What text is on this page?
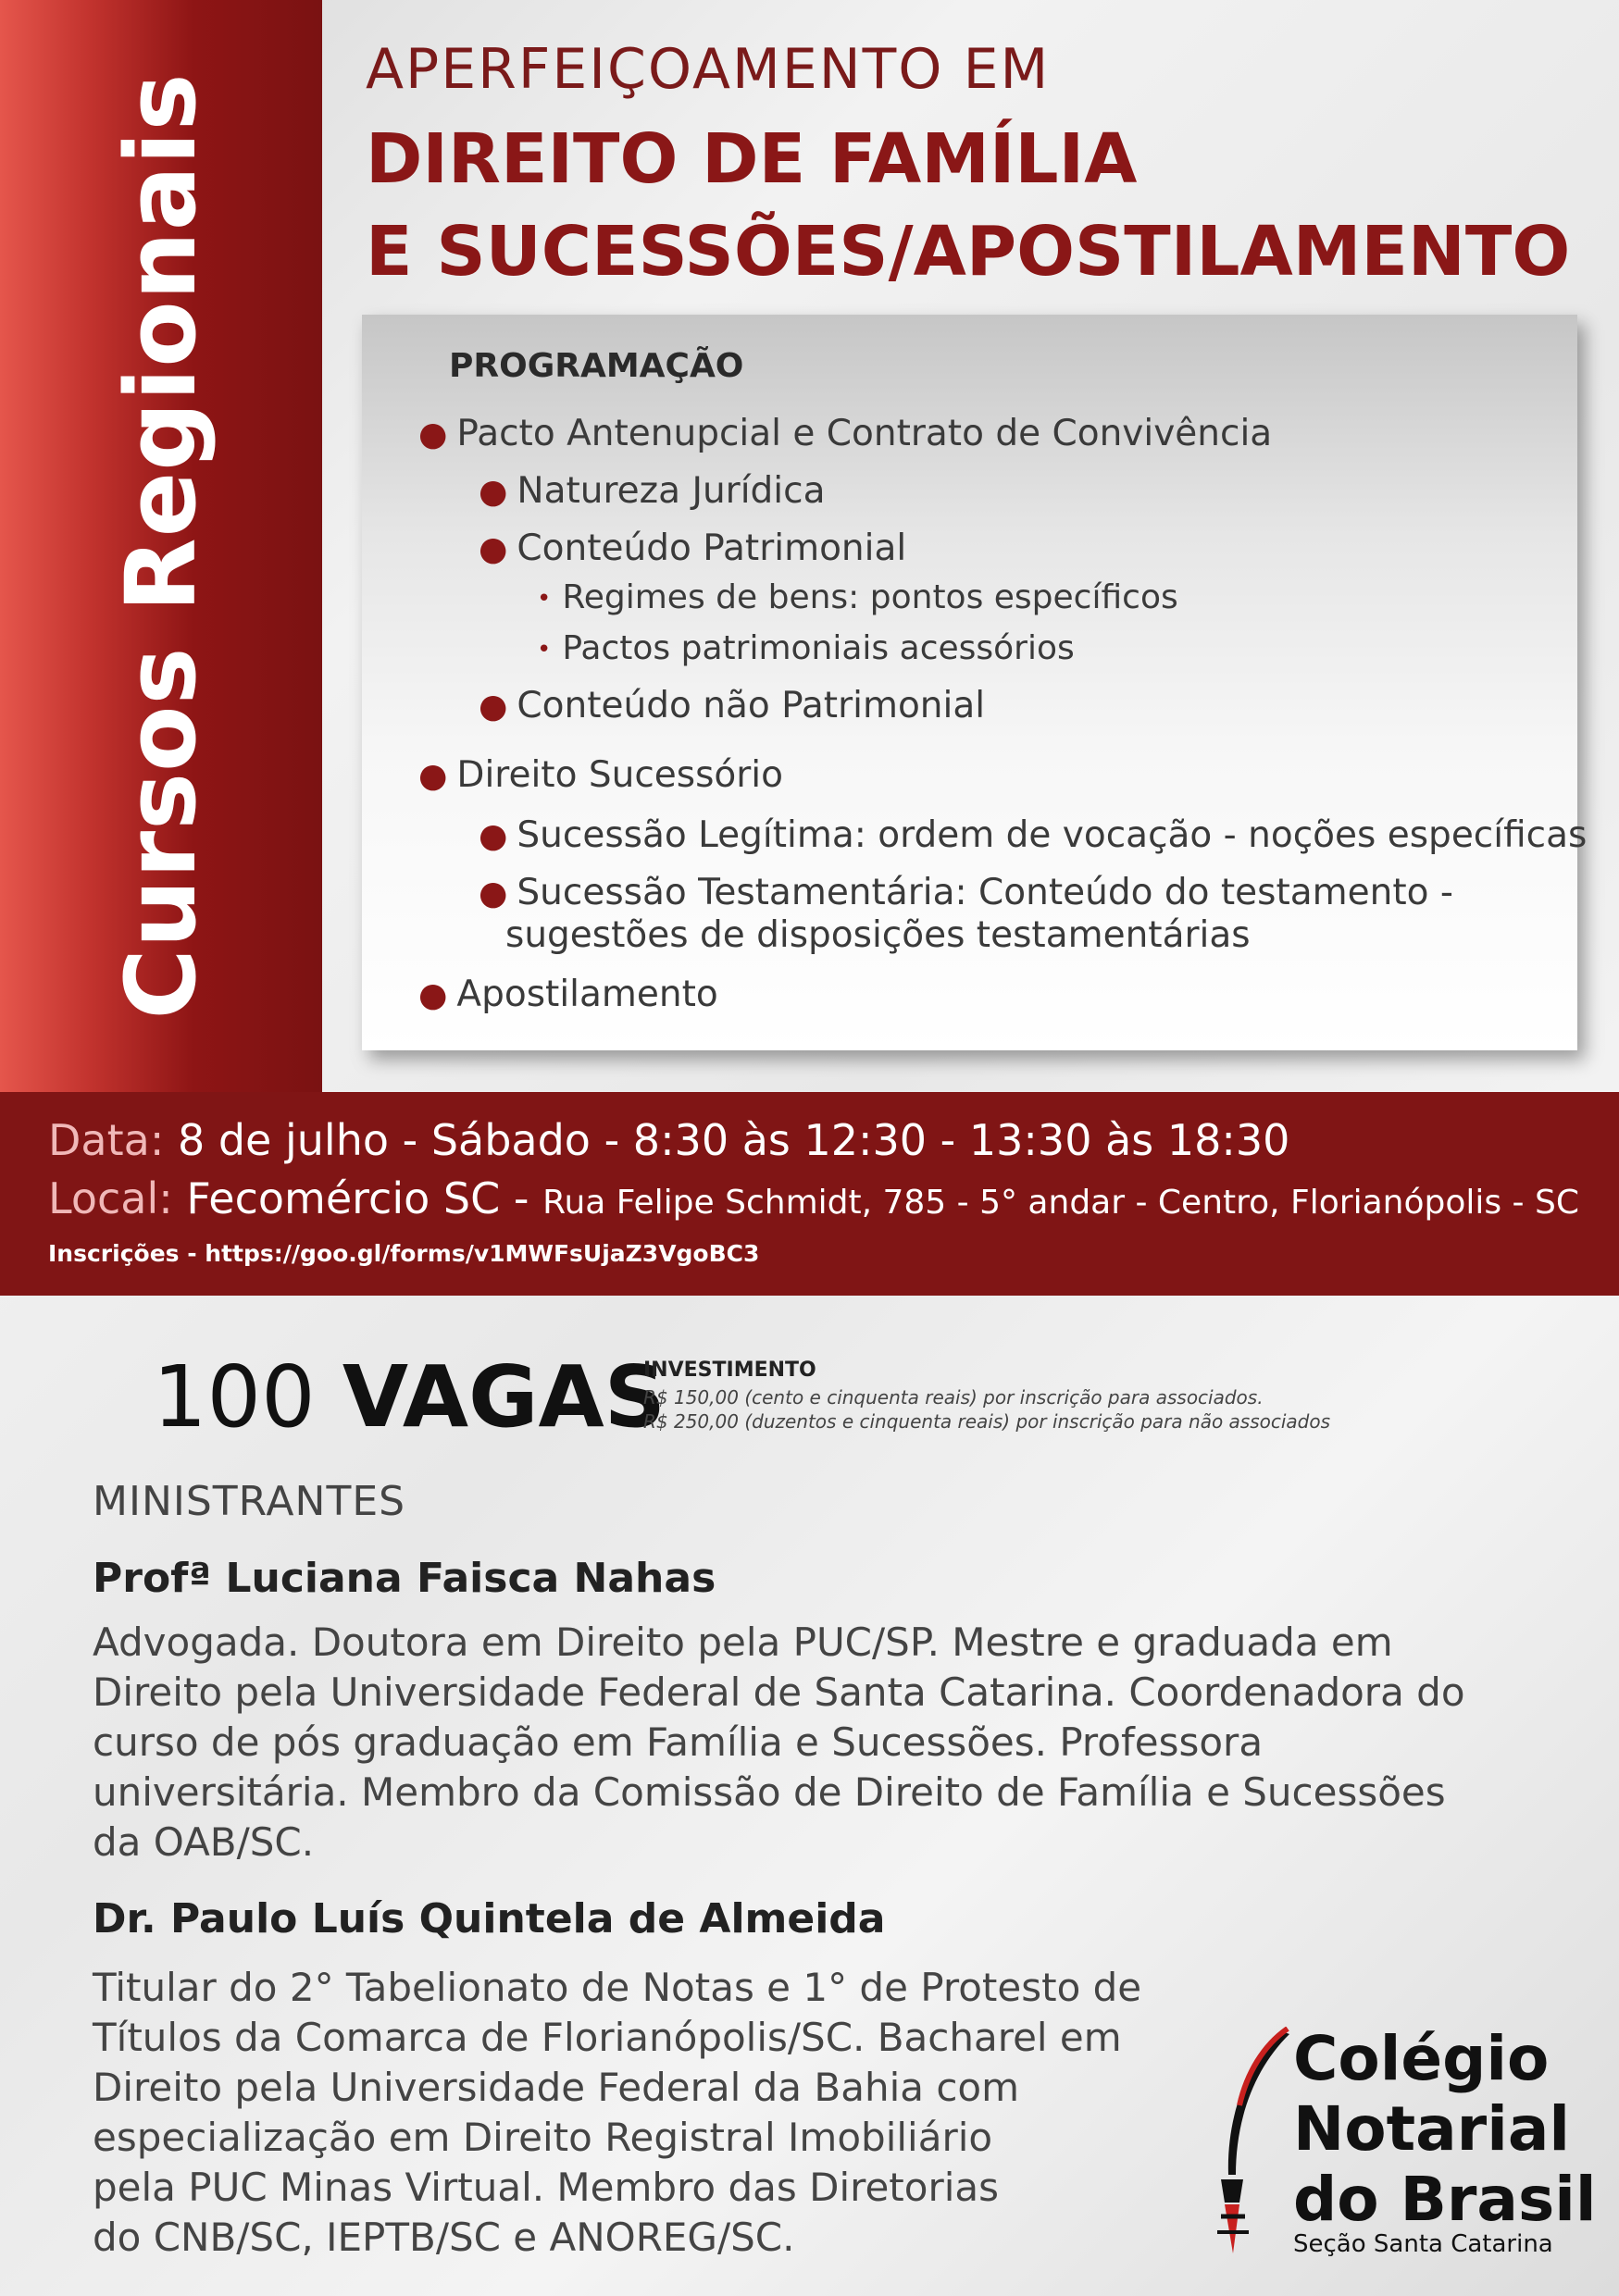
Cursos Regionais
APERFEIÇOAMENTO EM
DIREITO DE FAMÍLIA
E SUCESSÕES/APOSTILAMENTO
PROGRAMAÇÃO
● Pacto Antenupcial e Contrato de Convivência
● Natureza Jurídica
● Conteúdo Patrimonial
• Regimes de bens: pontos específicos
• Pactos patrimoniais acessórios
● Conteúdo não Patrimonial
● Direito Sucessório
● Sucessão Legítima: ordem de vocação - noções específicas
● Sucessão Testamentária: Conteúdo do testamento -
sugestões de disposições testamentárias
● Apostilamento
Data: 8 de julho - Sábado - 8:30 às 12:30 - 13:30 às 18:30
Local: Fecomércio SC - Rua Felipe Schmidt, 785 - 5° andar - Centro, Florianópolis - SC
Inscrições - https://goo.gl/forms/v1MWFsUjaZ3VgoBC3
100 VAGAS
INVESTIMENTO
R$ 150,00 (cento e cinquenta reais) por inscrição para associados.
R$ 250,00 (duzentos e cinquenta reais) por inscrição para não associados
MINISTRANTES
Profª Luciana Faisca Nahas
Advogada. Doutora em Direito pela PUC/SP. Mestre e graduada em
Direito pela Universidade Federal de Santa Catarina. Coordenadora do
curso de pós graduação em Família e Sucessões. Professora
universitária. Membro da Comissão de Direito de Família e Sucessões
da OAB/SC.
Dr. Paulo Luís Quintela de Almeida
Titular do 2° Tabelionato de Notas e 1° de Protesto de
Títulos da Comarca de Florianópolis/SC. Bacharel em
Direito pela Universidade Federal da Bahia com
especialização em Direito Registral Imobiliário
pela PUC Minas Virtual. Membro das Diretorias
do CNB/SC, IEPTB/SC e ANOREG/SC.
Colégio
Notarial
do Brasil
Seção Santa Catarina
